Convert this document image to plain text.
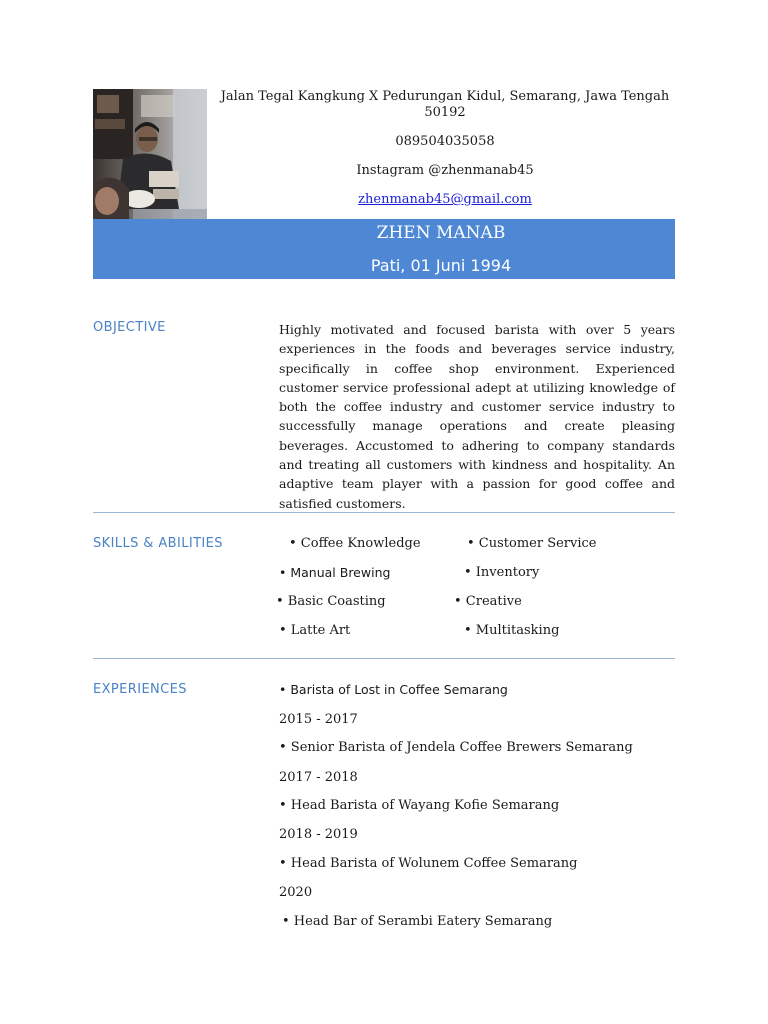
Jalan Tegal Kangkung X Pedurungan Kidul, Semarang, Jawa Tengah
50192
089504035058
Instagram @zhenmanab45
zhenmanab45@gmail.com
ZHEN MANAB
Pati, 01 Juni 1994
OBJECTIVE	Highly motivated and focused barista with over 5 years experiences in the foods and beverages service industry, specifically in coffee shop environment. Experienced customer service professional adept at utilizing knowledge of both the coffee industry and customer service industry to successfully manage operations and create pleasing beverages. Accustomed to adhering to company standards and treating all customers with kindness and hospitality. An adaptive team player with a passion for good coffee and satisfied customers.
SKILLS & ABILITIES	• Coffee Knowledge
• Manual Brewing
• Basic Coasting
• Latte Art
• Customer Service
• Inventory
• Creative
• Multitasking
EXPERIENCES	• Barista of Lost in Coffee Semarang
2015 - 2017
• Senior Barista of Jendela Coffee Brewers Semarang
2017 - 2018
• Head Barista of Wayang Kofie Semarang
2018 - 2019
• Head Barista of Wolunem Coffee Semarang
2020
• Head Bar of Serambi Eatery Semarang
